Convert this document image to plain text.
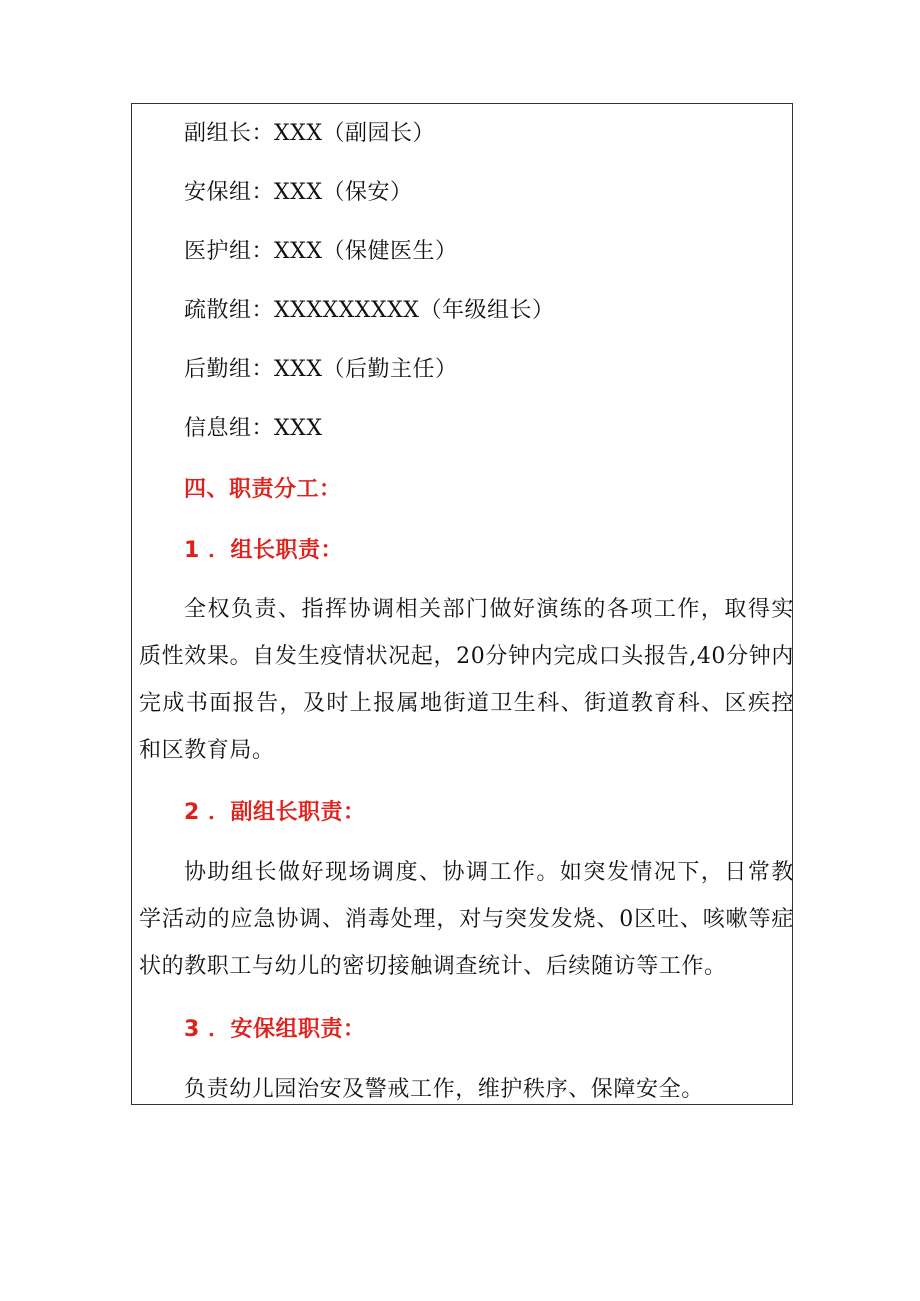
副组长：XXX（副园长）
安保组：XXX（保安）
医护组：XXX（保健医生）
疏散组：XXXXXXXXX（年级组长）
后勤组：XXX（后勤主任）
信息组：XXX
四、职责分工：
1 ．组长职责：

全权负责、指挥协调相关部门做好演练的各项工作，取得实质性效果。自发生疫情状况起，20分钟内完成口头报告,40分钟内完成书面报告，及时上报属地街道卫生科、街道教育科、区疾控和区教育局。

2 ．副组长职责：

协助组长做好现场调度、协调工作。如突发情况下，日常教学活动的应急协调、消毒处理，对与突发发烧、0区吐、咳嗽等症状的教职工与幼儿的密切接触调查统计、后续随访等工作。

3 ．安保组职责：

负责幼儿园治安及警戒工作，维护秩序、保障安全。
